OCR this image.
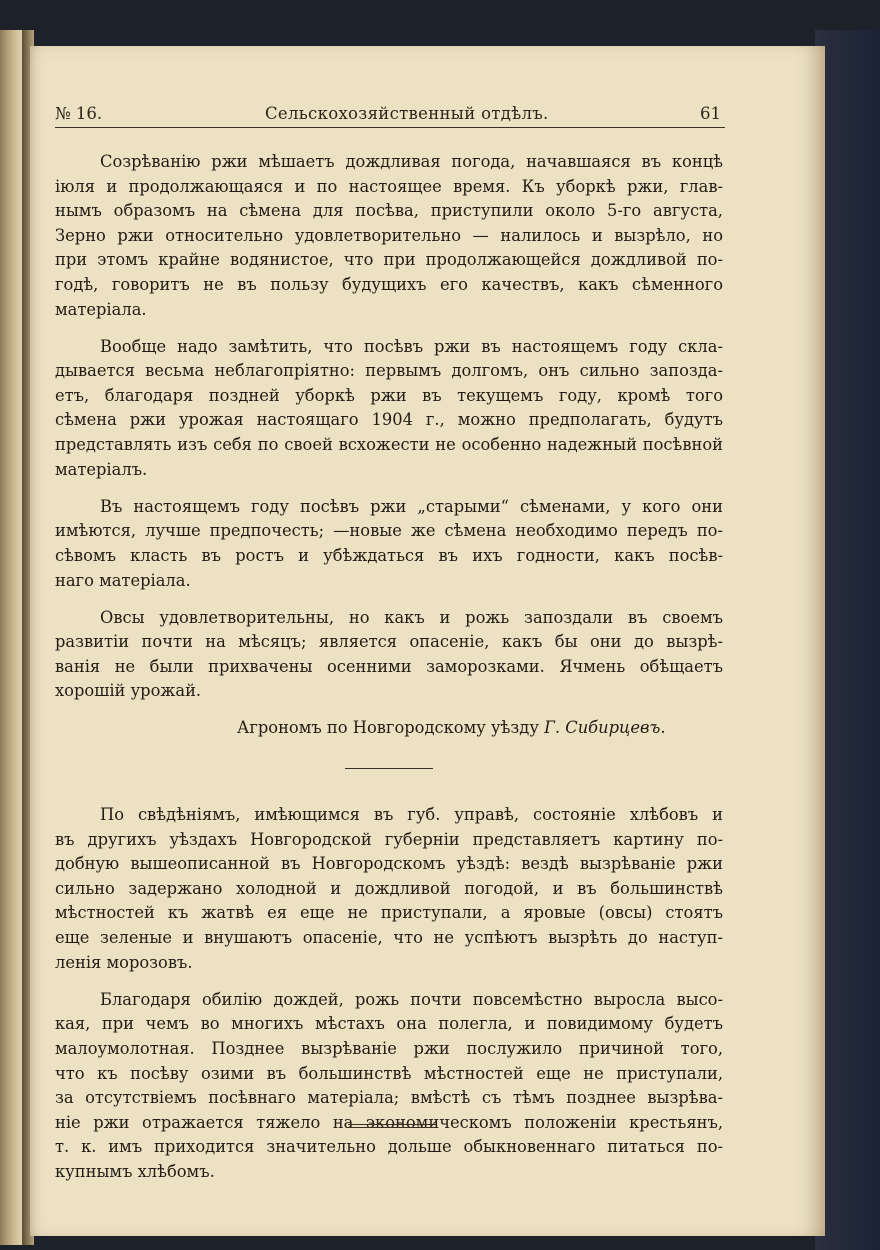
№ 16.	Сельскохозяйственный отдѣлъ.	61

Созрѣванію ржи мѣшаетъ дождливая погода, начавшаяся въ концѣ
іюля и продолжающаяся и по настоящее время. Къ уборкѣ ржи, глав-
нымъ образомъ на сѣмена для посѣва, приступили около 5-го августа,
Зерно ржи относительно удовлетворительно — налилось и вызрѣло, но
при этомъ крайне водянистое, что при продолжающейся дождливой по-
годѣ, говоритъ не въ пользу будущихъ его качествъ, какъ сѣменного
матеріала.

Вообще надо замѣтить, что посѣвъ ржи въ настоящемъ году скла-
дывается весьма неблагопріятно: первымъ долгомъ, онъ сильно запозда-
етъ, благодаря поздней уборкѣ ржи въ текущемъ году, кромѣ того
сѣмена ржи урожая настоящаго 1904 г., можно предполагать, будутъ
представлять изъ себя по своей всхожести не особенно надежный посѣвной
матеріалъ.

Въ настоящемъ году посѣвъ ржи „старыми“ сѣменами, у кого они
имѣются, лучше предпочесть; —новые же сѣмена необходимо передъ по-
сѣвомъ класть въ ростъ и убѣждаться въ ихъ годности, какъ посѣв-
наго матеріала.

Овсы удовлетворительны, но какъ и рожь запоздали въ своемъ
развитіи почти на мѣсяцъ; является опасеніе, какъ бы они до вызрѣ-
ванія не были прихвачены осенними заморозками. Ячмень обѣщаетъ
хорошій урожай.

Агрономъ по Новгородскому уѣзду Г. Сибирцевъ.

По свѣдѣніямъ, имѣющимся въ губ. управѣ, состояніе хлѣбовъ и
въ другихъ уѣздахъ Новгородской губерніи представляетъ картину по-
добную вышеописанной въ Новгородскомъ уѣздѣ: вездѣ вызрѣваніе ржи
сильно задержано холодной и дождливой погодой, и въ большинствѣ
мѣстностей къ жатвѣ ея еще не приступали, а яровые (овсы) стоятъ
еще зеленые и внушаютъ опасеніе, что не успѣютъ вызрѣть до наступ-
ленія морозовъ.

Благодаря обилію дождей, рожь почти повсемѣстно выросла высо-
кая, при чемъ во многихъ мѣстахъ она полегла, и повидимому будетъ
малоумолотная. Позднее вызрѣваніе ржи послужило причиной того,
что къ посѣву озими въ большинствѣ мѣстностей еще не приступали,
за отсутствіемъ посѣвнаго матеріала; вмѣстѣ съ тѣмъ позднее вызрѣва-
ніе ржи отражается тяжело на экономическомъ положеніи крестьянъ,
т. к. имъ приходится значительно дольше обыкновеннаго питаться по-
купнымъ хлѣбомъ.
